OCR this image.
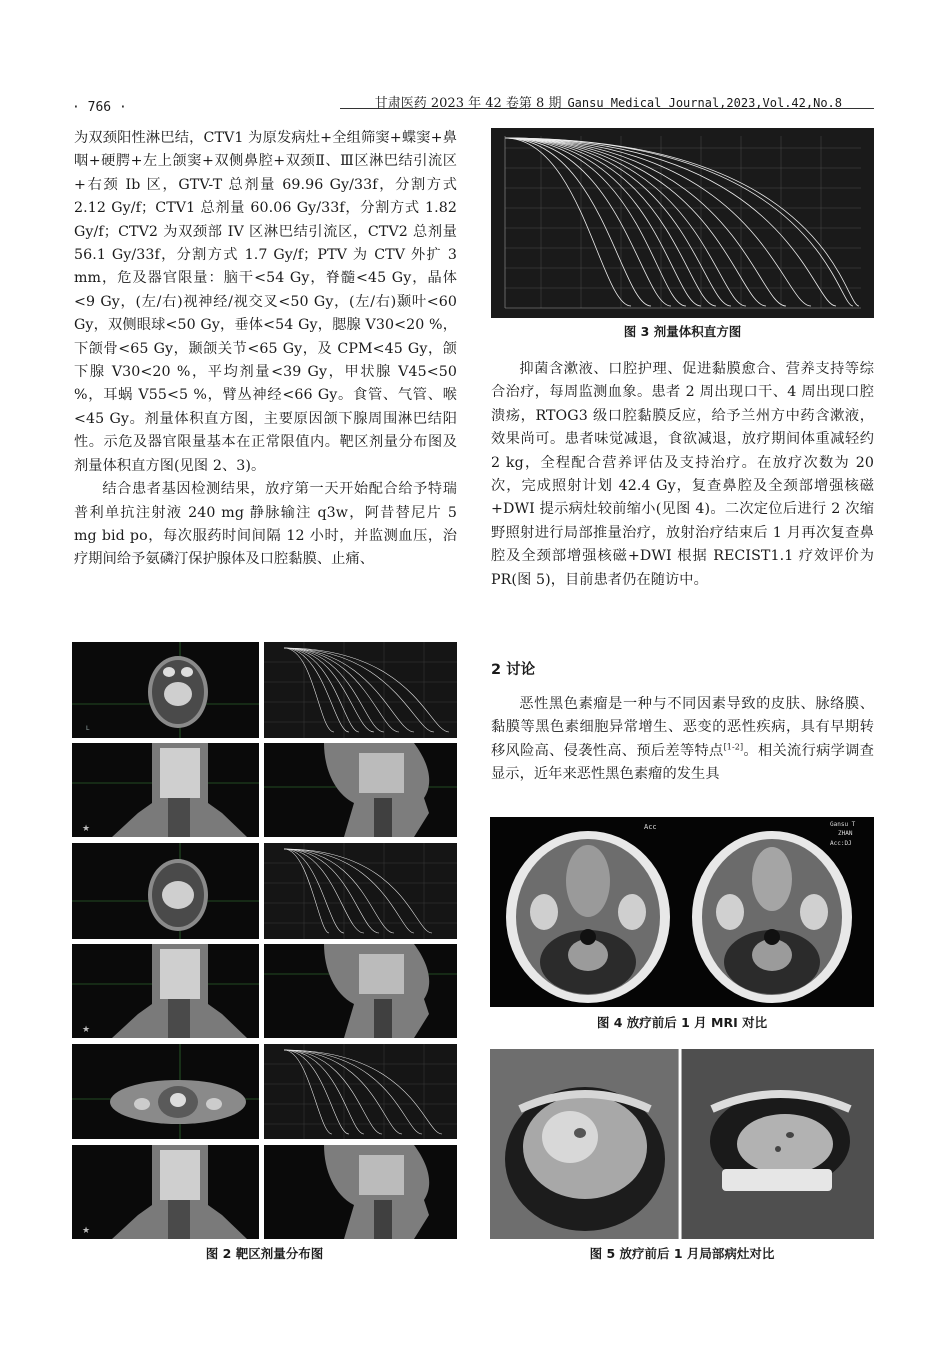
· 766 ·	甘肃医药 2023 年 42 卷第 8 期 Gansu Medical Journal,2023,Vol.42,No.8

为双颈阳性淋巴结，CTV1 为原发病灶+全组筛窦+蝶窦+鼻咽+硬腭+左上颌窦+双侧鼻腔+双颈Ⅱ、Ⅲ区淋巴结引流区+右颈 Ib 区，GTV-T 总剂量 69.96 Gy/33f，分割方式 2.12 Gy/f；CTV1 总剂量 60.06 Gy/33f，分割方式 1.82 Gy/f；CTV2 为双颈部 IV 区淋巴结引流区，CTV2 总剂量 56.1 Gy/33f，分割方式 1.7 Gy/f；PTV 为 CTV 外扩 3 mm，危及器官限量：脑干<54 Gy，脊髓<45 Gy，晶体<9 Gy，(左/右)视神经/视交叉<50 Gy，(左/右)颞叶<60 Gy，双侧眼球<50 Gy，垂体<54 Gy，腮腺 V30<20 %，下颌骨<65 Gy，颞颌关节<65 Gy，及 CPM<45 Gy，颌下腺 V30<20 %，平均剂量<39 Gy，甲状腺 V45<50 %，耳蜗 V55<5 %，臂丛神经<66 Gy。食管、气管、喉<45 Gy。剂量体积直方图，主要原因颌下腺周围淋巴结阳性。示危及器官限量基本在正常限值内。靶区剂量分布图及剂量体积直方图(见图 2、3)。

结合患者基因检测结果，放疗第一天开始配合给予特瑞普利单抗注射液 240 mg 静脉输注 q3w，阿昔替尼片 5 mg bid po，每次服药时间间隔 12 小时，并监测血压，治疗期间给予氨磷汀保护腺体及口腔黏膜、止痛、

L
★
★
★
图 2 靶区剂量分布图
图 3 剂量体积直方图

抑菌含漱液、口腔护理、促进黏膜愈合、营养支持等综合治疗，每周监测血象。患者 2 周出现口干、4 周出现口腔溃疡，RTOG3 级口腔黏膜反应，给予兰州方中药含漱液，效果尚可。患者味觉减退，食欲减退，放疗期间体重减轻约 2 kg，全程配合营养评估及支持治疗。在放疗次数为 20 次，完成照射计划 42.4 Gy，复查鼻腔及全颈部增强核磁+DWI 提示病灶较前缩小(见图 4)。二次定位后进行 2 次缩野照射进行局部推量治疗，放射治疗结束后 1 月再次复查鼻腔及全颈部增强核磁+DWI 根据 RECIST1.1 疗效评价为 PR(图 5)，目前患者仍在随访中。

2 讨论

恶性黑色素瘤是一种与不同因素导致的皮肤、脉络膜、黏膜等黑色素细胞异常增生、恶变的恶性疾病，具有早期转移风险高、侵袭性高、预后差等特点[1-2]。相关流行病学调查显示，近年来恶性黑色素瘤的发生具

Acc	Gansu T
ZHAN
Acc:DJ
图 4 放疗前后 1 月 MRI 对比
图 5 放疗前后 1 月局部病灶对比
